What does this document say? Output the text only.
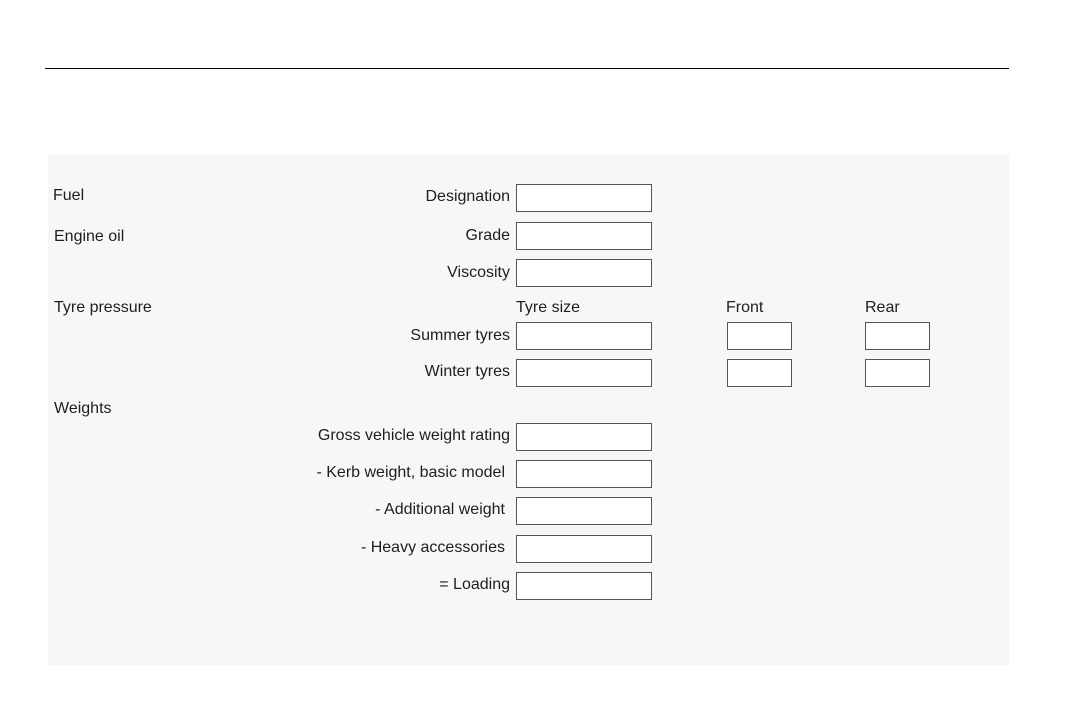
Fuel
Engine oil
Tyre pressure
Weights
Designation
Grade
Viscosity
Tyre size	Front	Rear
Summer tyres
Winter tyres
Gross vehicle weight rating
- Kerb weight, basic model
- Additional weight
- Heavy accessories
= Loading
